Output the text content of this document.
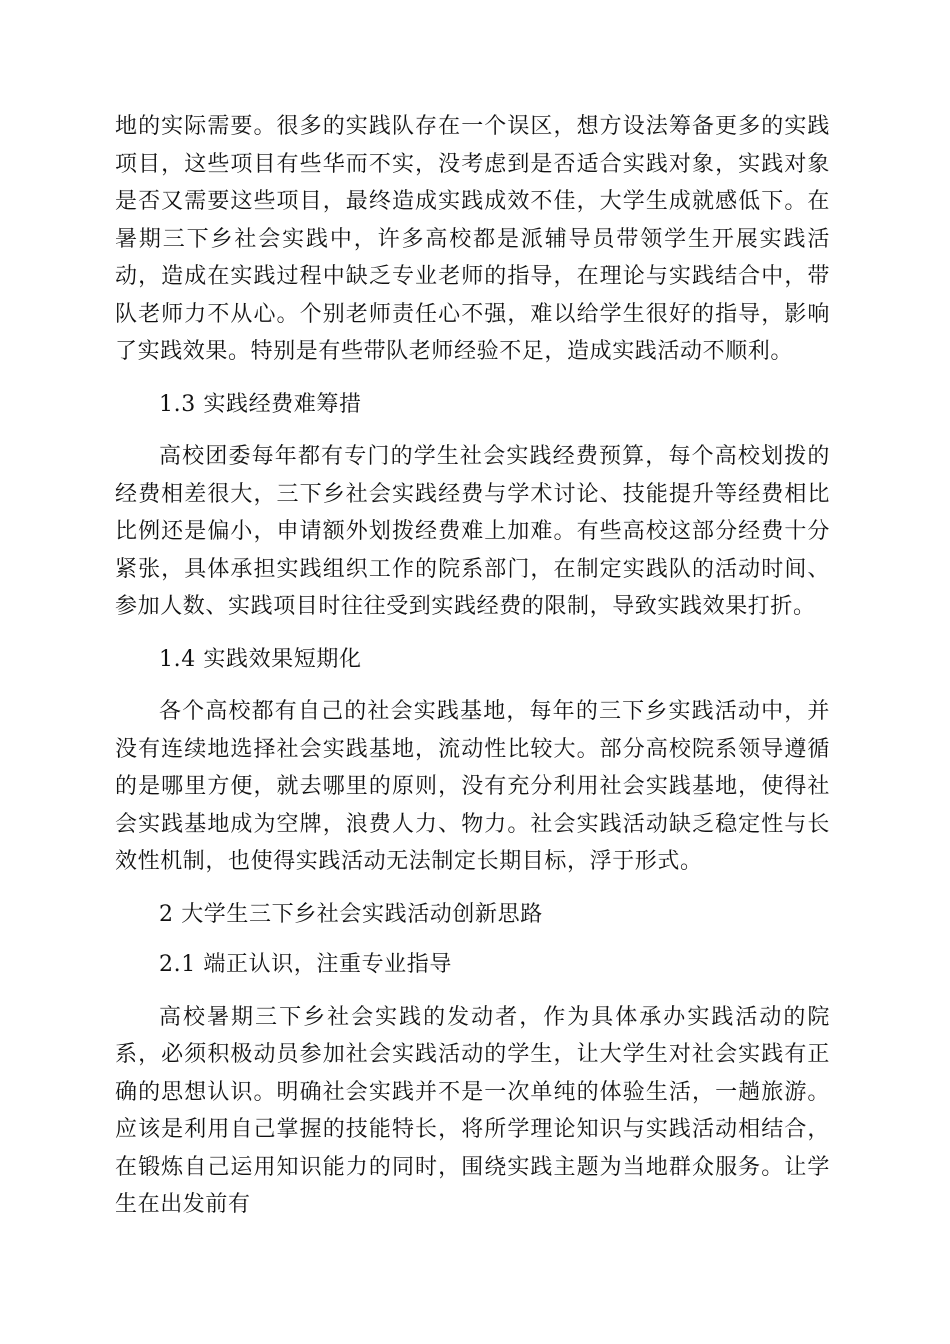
地的实际需要。很多的实践队存在一个误区，想方设法筹备更多的实践项目，这些项目有些华而不实，没考虑到是否适合实践对象，实践对象是否又需要这些项目，最终造成实践成效不佳，大学生成就感低下。在暑期三下乡社会实践中，许多高校都是派辅导员带领学生开展实践活动，造成在实践过程中缺乏专业老师的指导，在理论与实践结合中，带队老师力不从心。个别老师责任心不强，难以给学生很好的指导，影响了实践效果。特别是有些带队老师经验不足，造成实践活动不顺利。

1.3 实践经费难筹措

高校团委每年都有专门的学生社会实践经费预算，每个高校划拨的经费相差很大，三下乡社会实践经费与学术讨论、技能提升等经费相比比例还是偏小，申请额外划拨经费难上加难。有些高校这部分经费十分紧张，具体承担实践组织工作的院系部门，在制定实践队的活动时间、参加人数、实践项目时往往受到实践经费的限制，导致实践效果打折。

1.4 实践效果短期化

各个高校都有自己的社会实践基地，每年的三下乡实践活动中，并没有连续地选择社会实践基地，流动性比较大。部分高校院系领导遵循的是哪里方便，就去哪里的原则，没有充分利用社会实践基地，使得社会实践基地成为空牌，浪费人力、物力。社会实践活动缺乏稳定性与长效性机制，也使得实践活动无法制定长期目标，浮于形式。

2 大学生三下乡社会实践活动创新思路

2.1 端正认识，注重专业指导

高校暑期三下乡社会实践的发动者，作为具体承办实践活动的院系，必须积极动员参加社会实践活动的学生，让大学生对社会实践有正确的思想认识。明确社会实践并不是一次单纯的体验生活，一趟旅游。应该是利用自己掌握的技能特长，将所学理论知识与实践活动相结合，在锻炼自己运用知识能力的同时，围绕实践主题为当地群众服务。让学生在出发前有
